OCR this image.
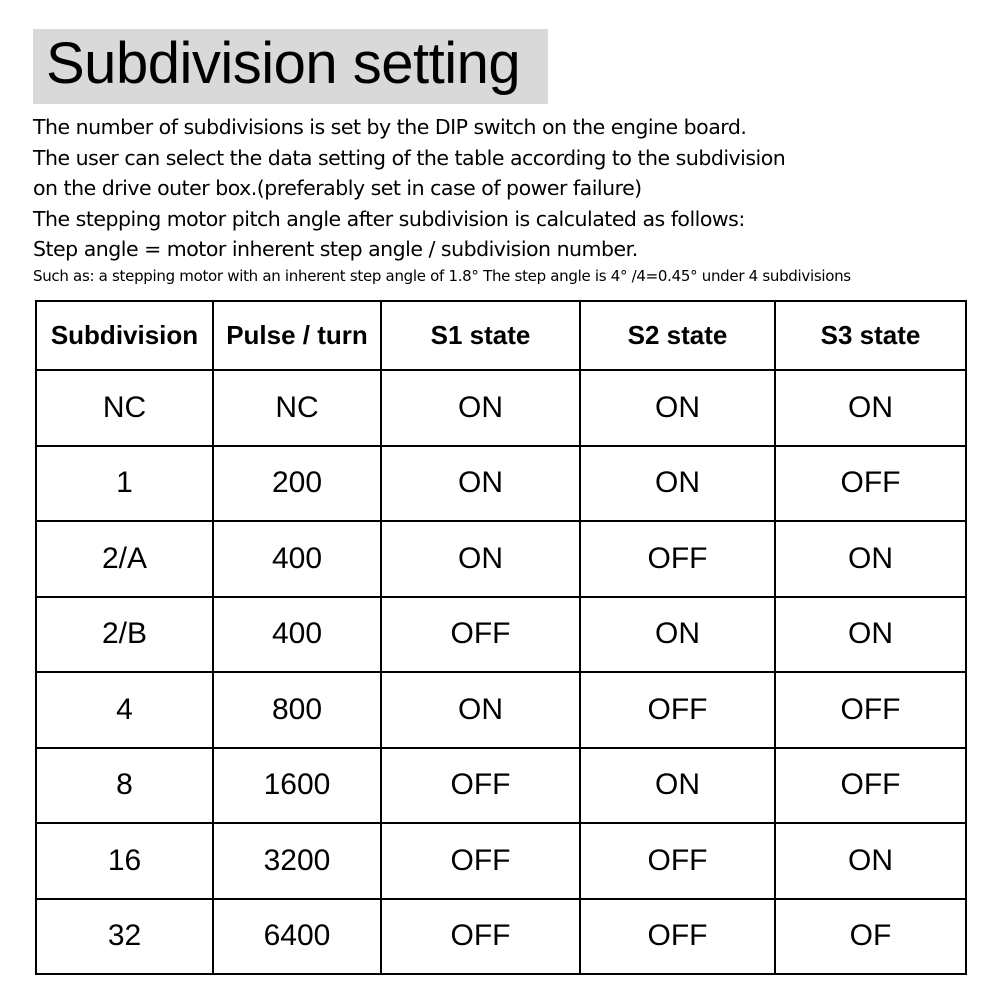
Subdivision setting
The number of subdivisions is set by the DIP switch on the engine board.
The user can select the data setting of the table according to the subdivision
on the drive outer box.(preferably set in case of power failure)
The stepping motor pitch angle after subdivision is calculated as follows:
Step angle = motor inherent step angle / subdivision number.
Such as: a stepping motor with an inherent step angle of 1.8° The step angle is 4° /4=0.45° under 4 subdivisions
Subdivision	Pulse / turn	S1 state	S2 state	S3 state
NC	NC	ON	ON	ON
1	200	ON	ON	OFF
2/A	400	ON	OFF	ON
2/B	400	OFF	ON	ON
4	800	ON	OFF	OFF
8	1600	OFF	ON	OFF
16	3200	OFF	OFF	ON
32	6400	OFF	OFF	OF
